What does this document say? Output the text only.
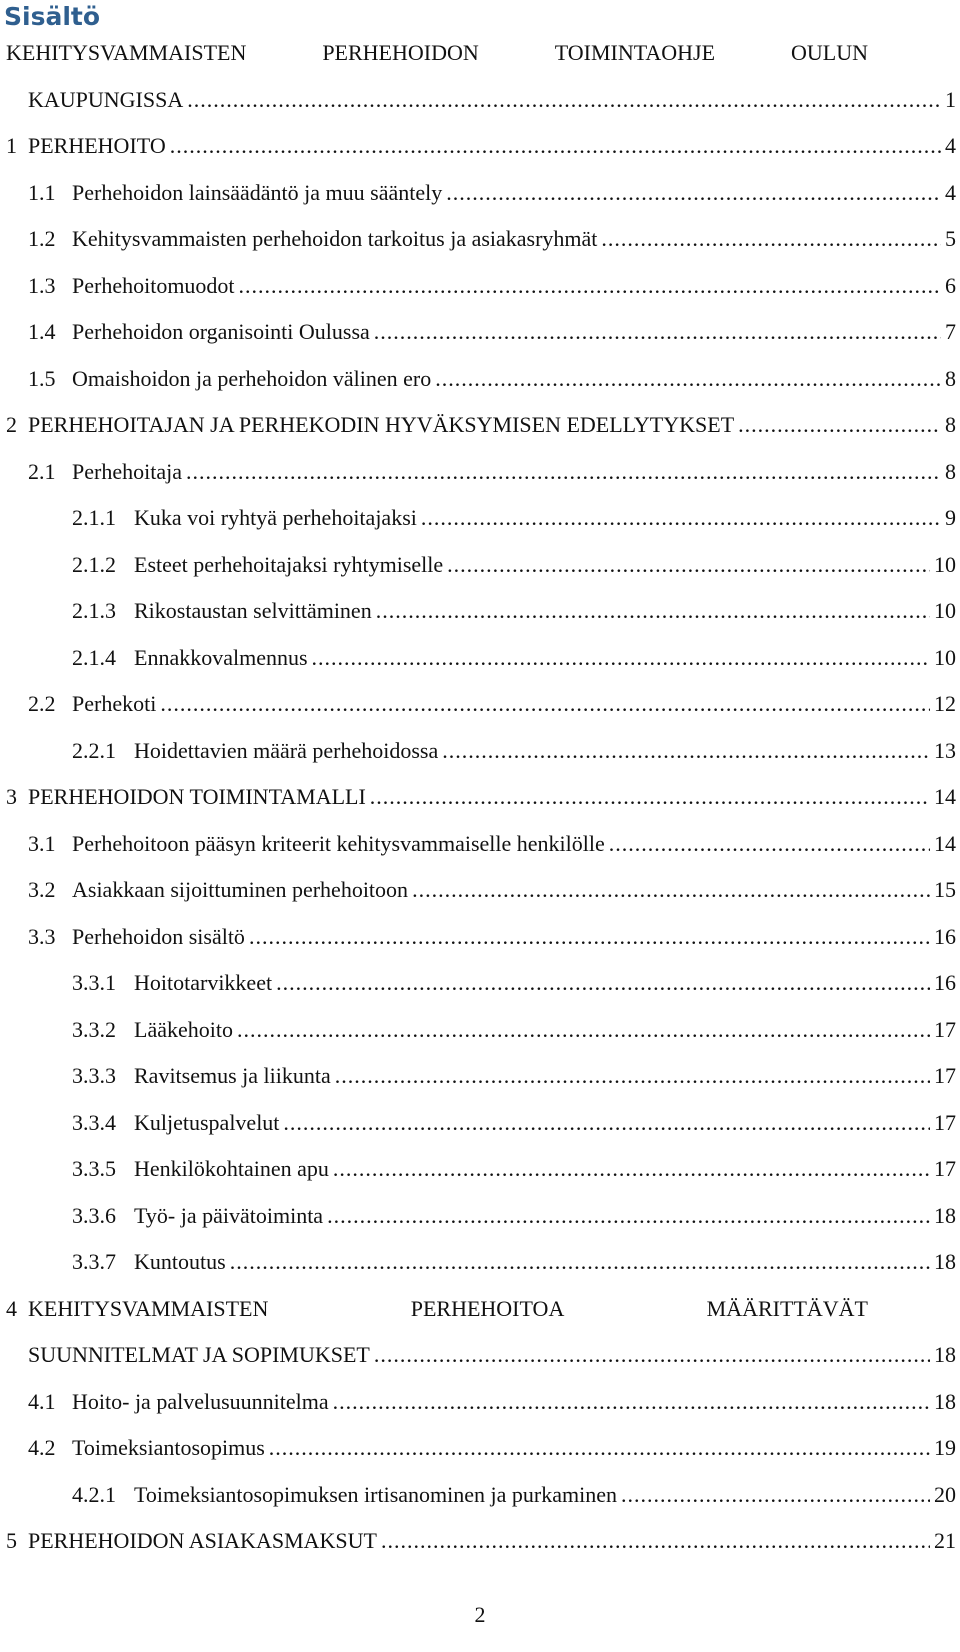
Sisältö
KEHITYSVAMMAISTEN	PERHEHOIDON	TOIMINTAOHJE	OULUN
KAUPUNGISSA .....	1
1 PERHEHOITO .....	4
1.1 Perhehoidon lainsäädäntö ja muu sääntely .....	4
1.2 Kehitysvammaisten perhehoidon tarkoitus ja asiakasryhmät .....	5
1.3 Perhehoitomuodot .....	6
1.4 Perhehoidon organisointi Oulussa .....	7
1.5 Omaishoidon ja perhehoidon välinen ero .....	8
2 PERHEHOITAJAN JA PERHEKODIN HYVÄKSYMISEN EDELLYTYKSET .....	8
2.1 Perhehoitaja .....	8
2.1.1 Kuka voi ryhtyä perhehoitajaksi .....	9
2.1.2 Esteet perhehoitajaksi ryhtymiselle .....	10
2.1.3 Rikostaustan selvittäminen .....	10
2.1.4 Ennakkovalmennus .....	10
2.2 Perhekoti .....	12
2.2.1 Hoidettavien määrä perhehoidossa .....	13
3 PERHEHOIDON TOIMINTAMALLI .....	14
3.1 Perhehoitoon pääsyn kriteerit kehitysvammaiselle henkilölle .....	14
3.2 Asiakkaan sijoittuminen perhehoitoon .....	15
3.3 Perhehoidon sisältö .....	16
3.3.1 Hoitotarvikkeet .....	16
3.3.2 Lääkehoito .....	17
3.3.3 Ravitsemus ja liikunta .....	17
3.3.4 Kuljetuspalvelut .....	17
3.3.5 Henkilökohtainen apu .....	17
3.3.6 Työ- ja päivätoiminta .....	18
3.3.7 Kuntoutus .....	18
4 KEHITYSVAMMAISTEN	PERHEHOITOA	MÄÄRITTÄVÄT
SUUNNITELMAT JA SOPIMUKSET .....	18
4.1 Hoito- ja palvelusuunnitelma .....	18
4.2 Toimeksiantosopimus .....	19
4.2.1 Toimeksiantosopimuksen irtisanominen ja purkaminen .....	20
5 PERHEHOIDON ASIAKASMAKSUT .....	21
2
